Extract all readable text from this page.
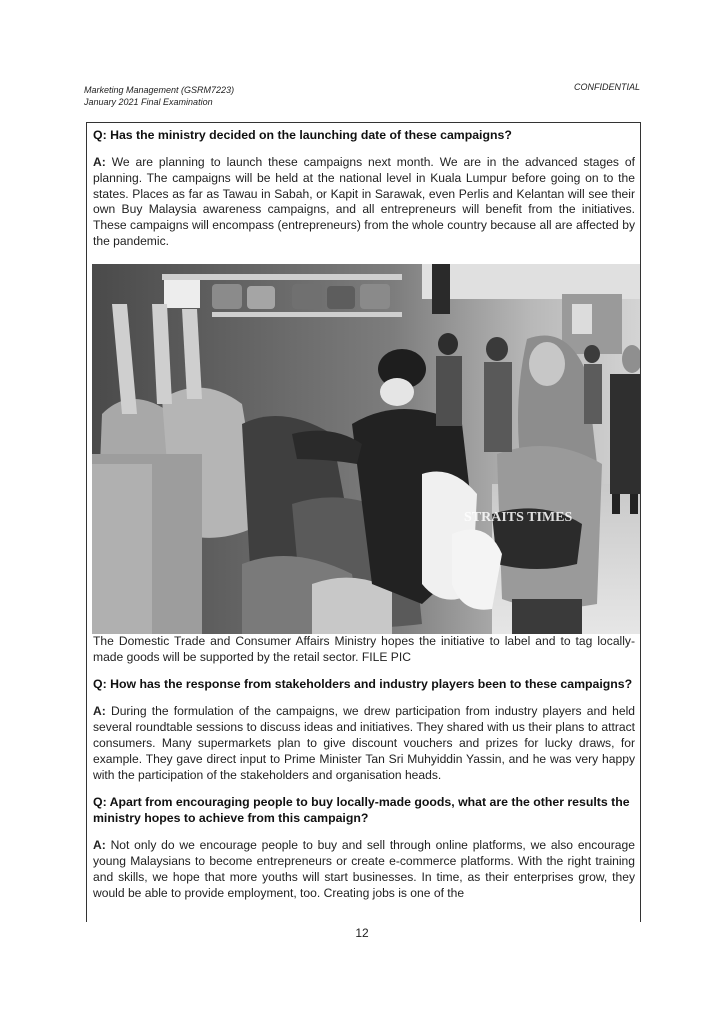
Marketing Management (GSRM7223)
January 2021 Final Examination
CONFIDENTIAL
Q: Has the ministry decided on the launching date of these campaigns?
A: We are planning to launch these campaigns next month. We are in the advanced stages of planning. The campaigns will be held at the national level in Kuala Lumpur before going on to the states. Places as far as Tawau in Sabah, or Kapit in Sarawak, even Perlis and Kelantan will see their own Buy Malaysia awareness campaigns, and all entrepreneurs will benefit from the initiatives. These campaigns will encompass (entrepreneurs) from the whole country because all are affected by the pandemic.
STRAITS TIMES
The Domestic Trade and Consumer Affairs Ministry hopes the initiative to label and to tag locally-made goods will be supported by the retail sector. FILE PIC
Q: How has the response from stakeholders and industry players been to these campaigns?
A: During the formulation of the campaigns, we drew participation from industry players and held several roundtable sessions to discuss ideas and initiatives. They shared with us their plans to attract consumers. Many supermarkets plan to give discount vouchers and prizes for lucky draws, for example. They gave direct input to Prime Minister Tan Sri Muhyiddin Yassin, and he was very happy with the participation of the stakeholders and organisation heads.
Q: Apart from encouraging people to buy locally-made goods, what are the other results the ministry hopes to achieve from this campaign?
A: Not only do we encourage people to buy and sell through online platforms, we also encourage young Malaysians to become entrepreneurs or create e-commerce platforms. With the right training and skills, we hope that more youths will start businesses. In time, as their enterprises grow, they would be able to provide employment, too. Creating jobs is one of the
12
